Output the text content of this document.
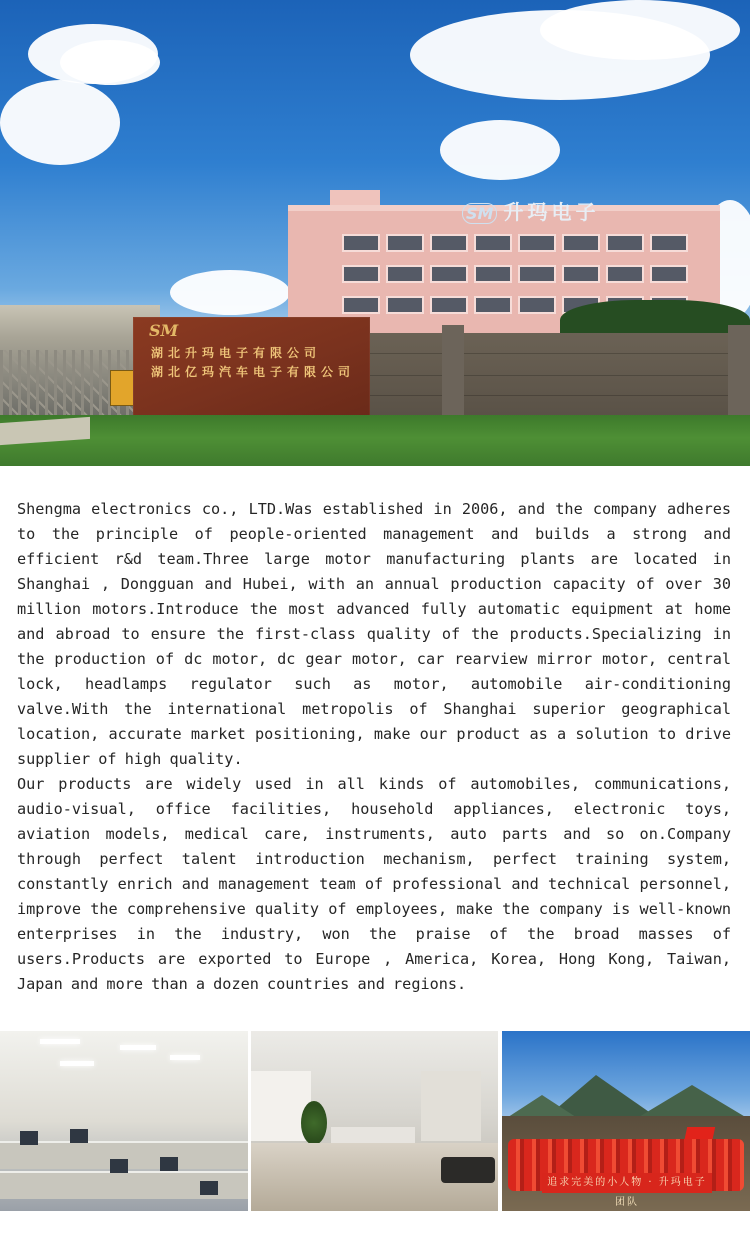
SM 升玛电子
SM
湖北升玛电子有限公司
湖北亿玛汽车电子有限公司

Shengma electronics co., LTD.Was established in 2006, and the company adheres to the principle of people-oriented management and builds a strong and efficient r&d team.Three large motor manufacturing plants are located in Shanghai , Dongguan and Hubei, with an annual production capacity of over 30 million motors.Introduce the most advanced fully automatic equipment at home and abroad to ensure the first-class quality of the products.Specializing in the production of dc motor, dc gear motor, car rearview mirror motor, central lock, headlamps regulator such as motor, automobile air-conditioning valve.With the international metropolis of Shanghai superior geographical location, accurate market positioning, make our product as a solution to drive supplier of high quality.

Our products are widely used in all kinds of automobiles, communications, audio-visual, office facilities, household appliances, electronic toys, aviation models, medical care, instruments, auto parts and so on.Company through perfect talent introduction mechanism, perfect training system, constantly enrich and management team of professional and technical personnel, improve the comprehensive quality of employees, make the company is well-known enterprises in the industry, won the praise of the broad masses of users.Products are exported to Europe , America, Korea, Hong Kong, Taiwan, Japan and more than a dozen countries and regions.

追求完美的小人物 · 升玛电子团队
